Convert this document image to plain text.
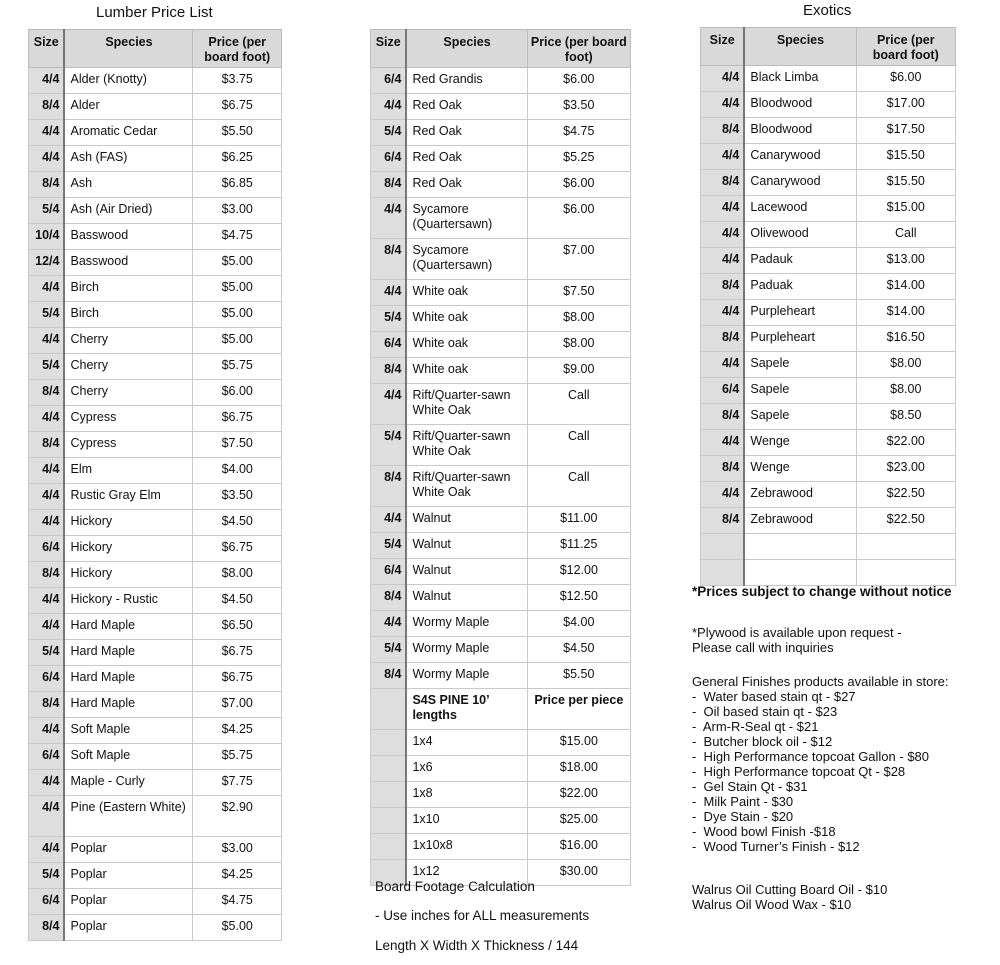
Lumber Price List
Size	Species	Price (per board foot)
4/4	Alder (Knotty)	$3.75
8/4	Alder	$6.75
4/4	Aromatic Cedar	$5.50
4/4	Ash (FAS)	$6.25
8/4	Ash	$6.85
5/4	Ash (Air Dried)	$3.00
10/4	Basswood	$4.75
12/4	Basswood	$5.00
4/4	Birch	$5.00
5/4	Birch	$5.00
4/4	Cherry	$5.00
5/4	Cherry	$5.75
8/4	Cherry	$6.00
4/4	Cypress	$6.75
8/4	Cypress	$7.50
4/4	Elm	$4.00
4/4	Rustic Gray Elm	$3.50
4/4	Hickory	$4.50
6/4	Hickory	$6.75
8/4	Hickory	$8.00
4/4	Hickory - Rustic	$4.50
4/4	Hard Maple	$6.50
5/4	Hard Maple	$6.75
6/4	Hard Maple	$6.75
8/4	Hard Maple	$7.00
4/4	Soft Maple	$4.25
6/4	Soft Maple	$5.75
4/4	Maple - Curly	$7.75
4/4	Pine (Eastern White)	$2.90
4/4	Poplar	$3.00
5/4	Poplar	$4.25
6/4	Poplar	$4.75
8/4	Poplar	$5.00
Size	Species	Price (per board foot)
6/4	Red Grandis	$6.00
4/4	Red Oak	$3.50
5/4	Red Oak	$4.75
6/4	Red Oak	$5.25
8/4	Red Oak	$6.00
4/4	Sycamore (Quartersawn)	$6.00
8/4	Sycamore (Quartersawn)	$7.00
4/4	White oak	$7.50
5/4	White oak	$8.00
6/4	White oak	$8.00
8/4	White oak	$9.00
4/4	Rift/Quarter-sawn White Oak	Call
5/4	Rift/Quarter-sawn White Oak	Call
8/4	Rift/Quarter-sawn White Oak	Call
4/4	Walnut	$11.00
5/4	Walnut	$11.25
6/4	Walnut	$12.00
8/4	Walnut	$12.50
4/4	Wormy Maple	$4.00
5/4	Wormy Maple	$4.50
8/4	Wormy Maple	$5.50
	S4S PINE 10’ lengths	Price per piece
	1x4	$15.00
	1x6	$18.00
	1x8	$22.00
	1x10	$25.00
	1x10x8	$16.00
	1x12	$30.00
Board Footage Calculation
- Use inches for ALL measurements
Length X Width X Thickness / 144
Exotics
Size	Species	Price (per board foot)
4/4	Black Limba	$6.00
4/4	Bloodwood	$17.00
8/4	Bloodwood	$17.50
4/4	Canarywood	$15.50
8/4	Canarywood	$15.50
4/4	Lacewood	$15.00
4/4	Olivewood	Call
4/4	Padauk	$13.00
8/4	Paduak	$14.00
4/4	Purpleheart	$14.00
8/4	Purpleheart	$16.50
4/4	Sapele	$8.00
6/4	Sapele	$8.00
8/4	Sapele	$8.50
4/4	Wenge	$22.00
8/4	Wenge	$23.00
4/4	Zebrawood	$22.50
8/4	Zebrawood	$22.50

*Prices subject to change without notice
*Plywood is available upon request -
Please call with inquiries
General Finishes products available in store:
-  Water based stain qt - $27
-  Oil based stain qt - $23
-  Arm-R-Seal qt - $21
-  Butcher block oil - $12
-  High Performance topcoat Gallon - $80
-  High Performance topcoat Qt - $28
-  Gel Stain Qt - $31
-  Milk Paint - $30
-  Dye Stain - $20
-  Wood bowl Finish -$18
-  Wood Turner’s Finish - $12
Walrus Oil Cutting Board Oil - $10
Walrus Oil Wood Wax - $10
